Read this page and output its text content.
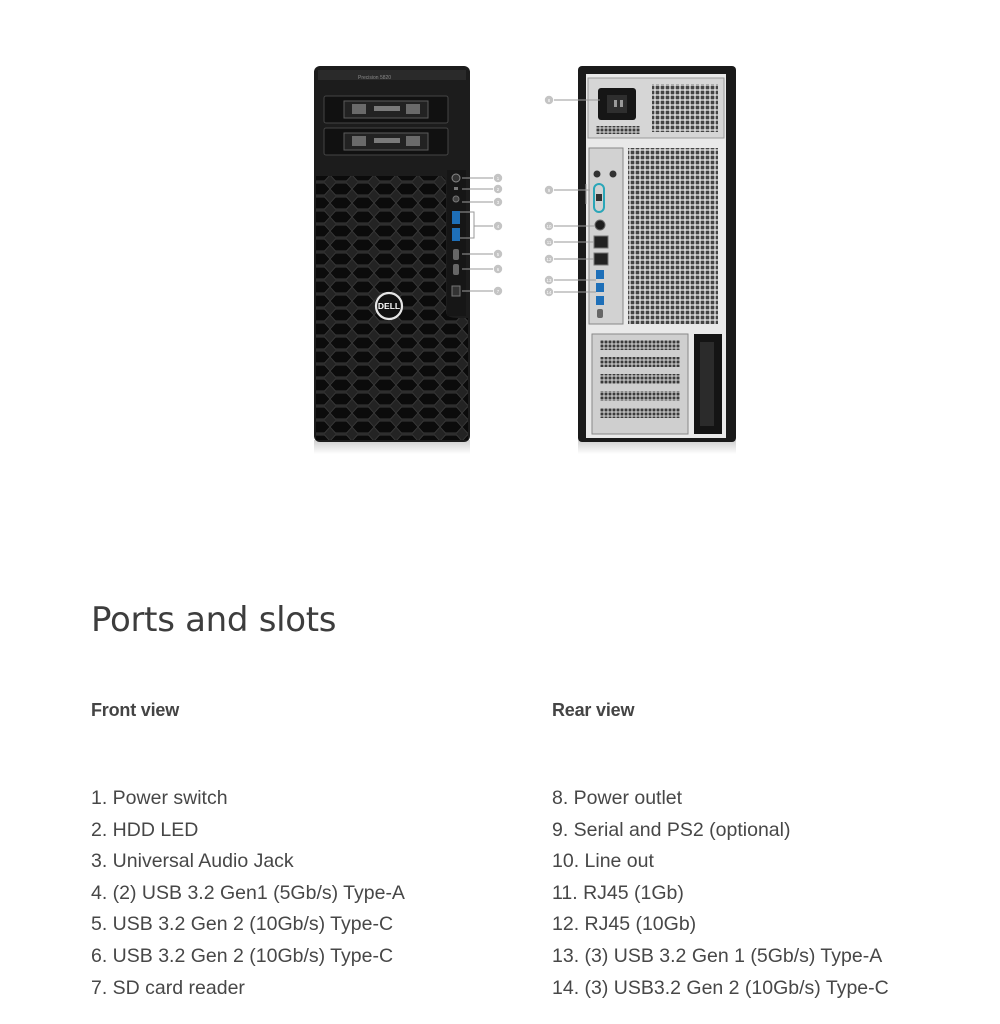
Precision 5820
DELL
1
2
3
4
5
6
7
8
9
10
11
12
13
14
Ports and slots
Front view
1. Power switch
2. HDD LED
3. Universal Audio Jack
4. (2) USB 3.2 Gen1 (5Gb/s) Type-A
5. USB 3.2 Gen 2 (10Gb/s) Type-C
6. USB 3.2 Gen 2 (10Gb/s) Type-C
7. SD card reader
Rear view
8. Power outlet
9. Serial and PS2 (optional)
10. Line out
11. RJ45 (1Gb)
12. RJ45 (10Gb)
13. (3) USB 3.2 Gen 1 (5Gb/s) Type-A
14. (3) USB3.2 Gen 2 (10Gb/s) Type-C
